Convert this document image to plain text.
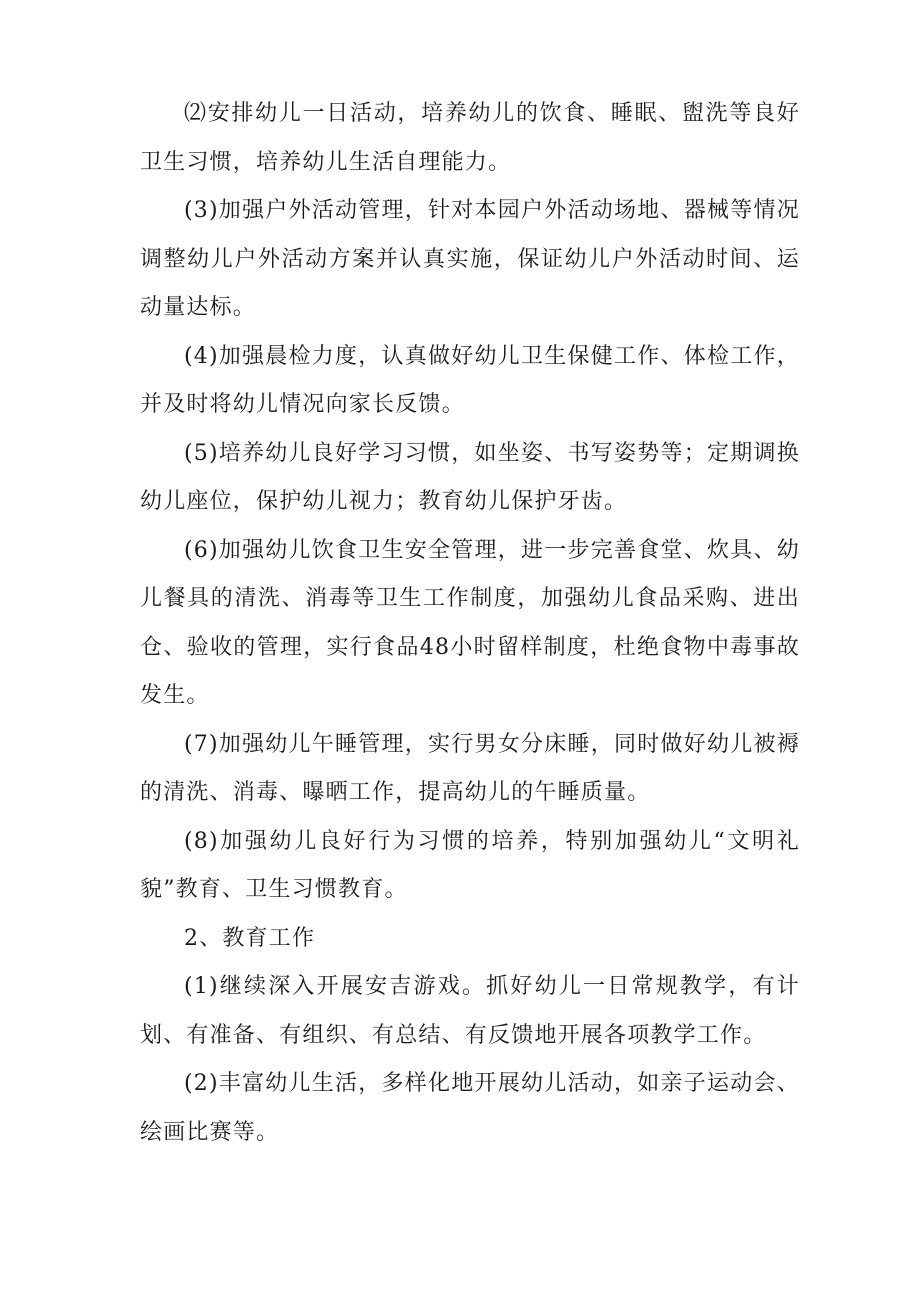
⑵安排幼儿一日活动，培养幼儿的饮食、睡眠、盥洗等良好卫生习惯，培养幼儿生活自理能力。

(3)加强户外活动管理，针对本园户外活动场地、器械等情况调整幼儿户外活动方案并认真实施，保证幼儿户外活动时间、运动量达标。

(4)加强晨检力度，认真做好幼儿卫生保健工作、体检工作，并及时将幼儿情况向家长反馈。

(5)培养幼儿良好学习习惯，如坐姿、书写姿势等；定期调换幼儿座位，保护幼儿视力；教育幼儿保护牙齿。

(6)加强幼儿饮食卫生安全管理，进一步完善食堂、炊具、幼儿餐具的清洗、消毒等卫生工作制度，加强幼儿食品采购、进出仓、验收的管理，实行食品48小时留样制度，杜绝食物中毒事故发生。

(7)加强幼儿午睡管理，实行男女分床睡，同时做好幼儿被褥的清洗、消毒、曝晒工作，提高幼儿的午睡质量。

(8)加强幼儿良好行为习惯的培养，特别加强幼儿“文明礼貌”教育、卫生习惯教育。

2、教育工作

(1)继续深入开展安吉游戏。抓好幼儿一日常规教学，有计划、有准备、有组织、有总结、有反馈地开展各项教学工作。

(2)丰富幼儿生活，多样化地开展幼儿活动，如亲子运动会、绘画比赛等。
